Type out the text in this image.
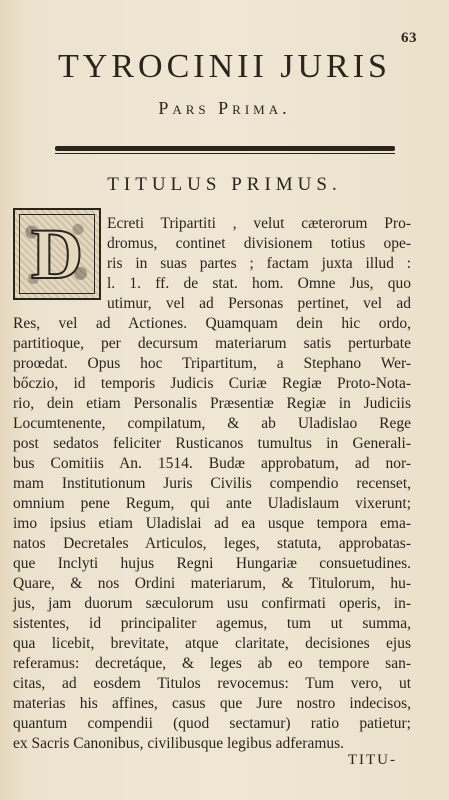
63
TYROCINII JURIS
Pars Prima.
TITULUS PRIMUS.
D Ecreti Tripartiti , velut cæterorum Pro-
dromus, continet divisionem totius ope-
ris in suas partes ; factam juxta illud :
l. 1. ff. de stat. hom. Omne Jus, quo
utimur, vel ad Personas pertinet, vel ad
Res, vel ad Actiones. Quamquam dein hic ordo,
partitioque, per decursum materiarum satis perturbate
proœdat. Opus hoc Tripartitum, a Stephano Wer-
bőczio, id temporis Judicis Curiæ Regiæ Proto-Nota-
rio, dein etiam Personalis Præsentiæ Regiæ in Judiciis
Locumtenente, compilatum, & ab Uladislao Rege
post sedatos feliciter Rusticanos tumultus in Generali-
bus Comitiis An. 1514. Budæ approbatum, ad nor-
mam Institutionum Juris Civilis compendio recenset,
omnium pene Regum, qui ante Uladislaum vixerunt;
imo ipsius etiam Uladislai ad ea usque tempora ema-
natos Decretales Articulos, leges, statuta, approbatas-
que Inclyti hujus Regni Hungariæ consuetudines.
Quare, & nos Ordini materiarum, & Titulorum, hu-
jus, jam duorum sæculorum usu confirmati operis, in-
sistentes, id principaliter agemus, tum ut summa,
qua licebit, brevitate, atque claritate, decisiones ejus
referamus: decretáque, & leges ab eo tempore san-
citas, ad eosdem Titulos revocemus: Tum vero, ut
materias his affines, casus que Jure nostro indecisos,
quantum compendii (quod sectamur) ratio patietur;
ex Sacris Canonibus, civilibusque legibus adferamus.
TITU-
